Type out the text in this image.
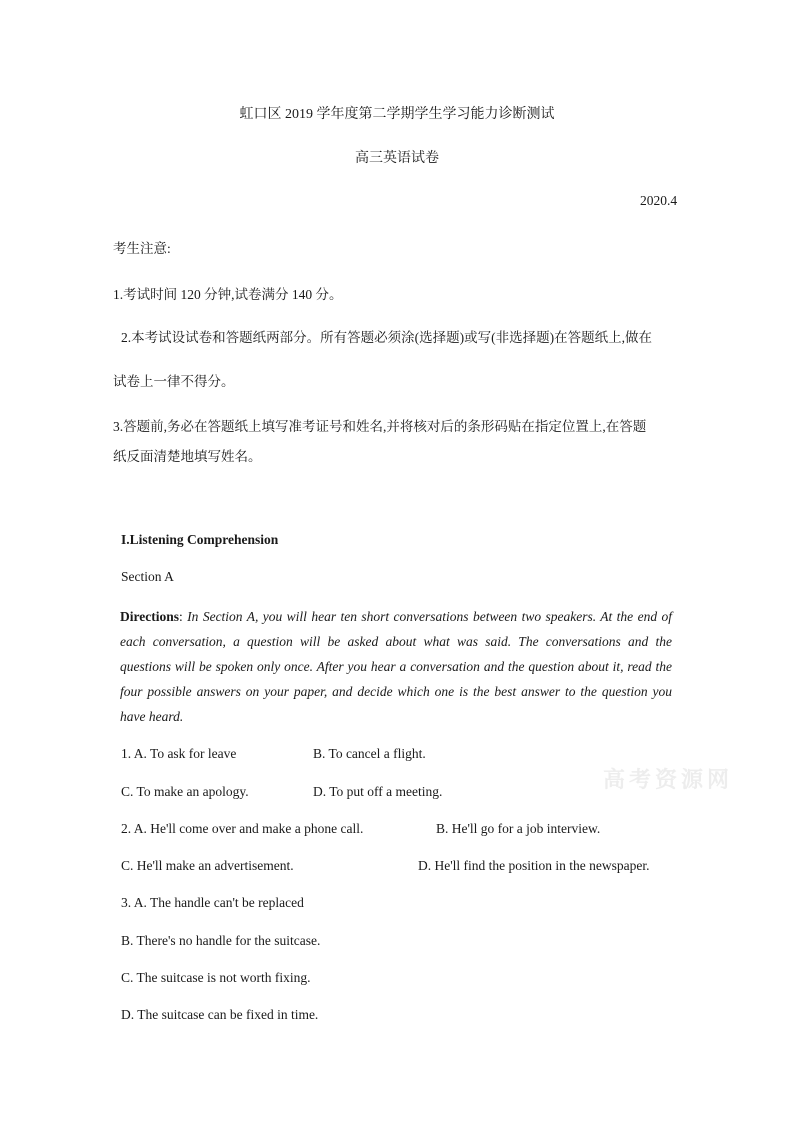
虹口区 2019 学年度第二学期学生学习能力诊断测试
高三英语试卷
2020.4
考生注意:
1.考试时间 120 分钟,试卷满分 140 分。
2.本考试设试卷和答题纸两部分。所有答题必须涂(选择题)或写(非选择题)在答题纸上,做在
试卷上一律不得分。
3.答题前,务必在答题纸上填写准考证号和姓名,并将核对后的条形码贴在指定位置上,在答题
纸反面清楚地填写姓名。
I.Listening Comprehension
Section A
Directions: In Section A, you will hear ten short conversations between two speakers. At the end of each conversation, a question will be asked about what was said. The conversations and the questions will be spoken only once. After you hear a conversation and the question about it, read the four possible answers on your paper, and decide which one is the best answer to the question you have heard.
1. A. To ask for leave	B. To cancel a flight.
C. To make an apology.	D. To put off a meeting.
2. A. He'll come over and make a phone call.	B. He'll go for a job interview.
C. He'll make an advertisement.	D. He'll find the position in the newspaper.
3. A. The handle can't be replaced
B. There's no handle for the suitcase.
C. The suitcase is not worth fixing.
D. The suitcase can be fixed in time.
高考资源网
